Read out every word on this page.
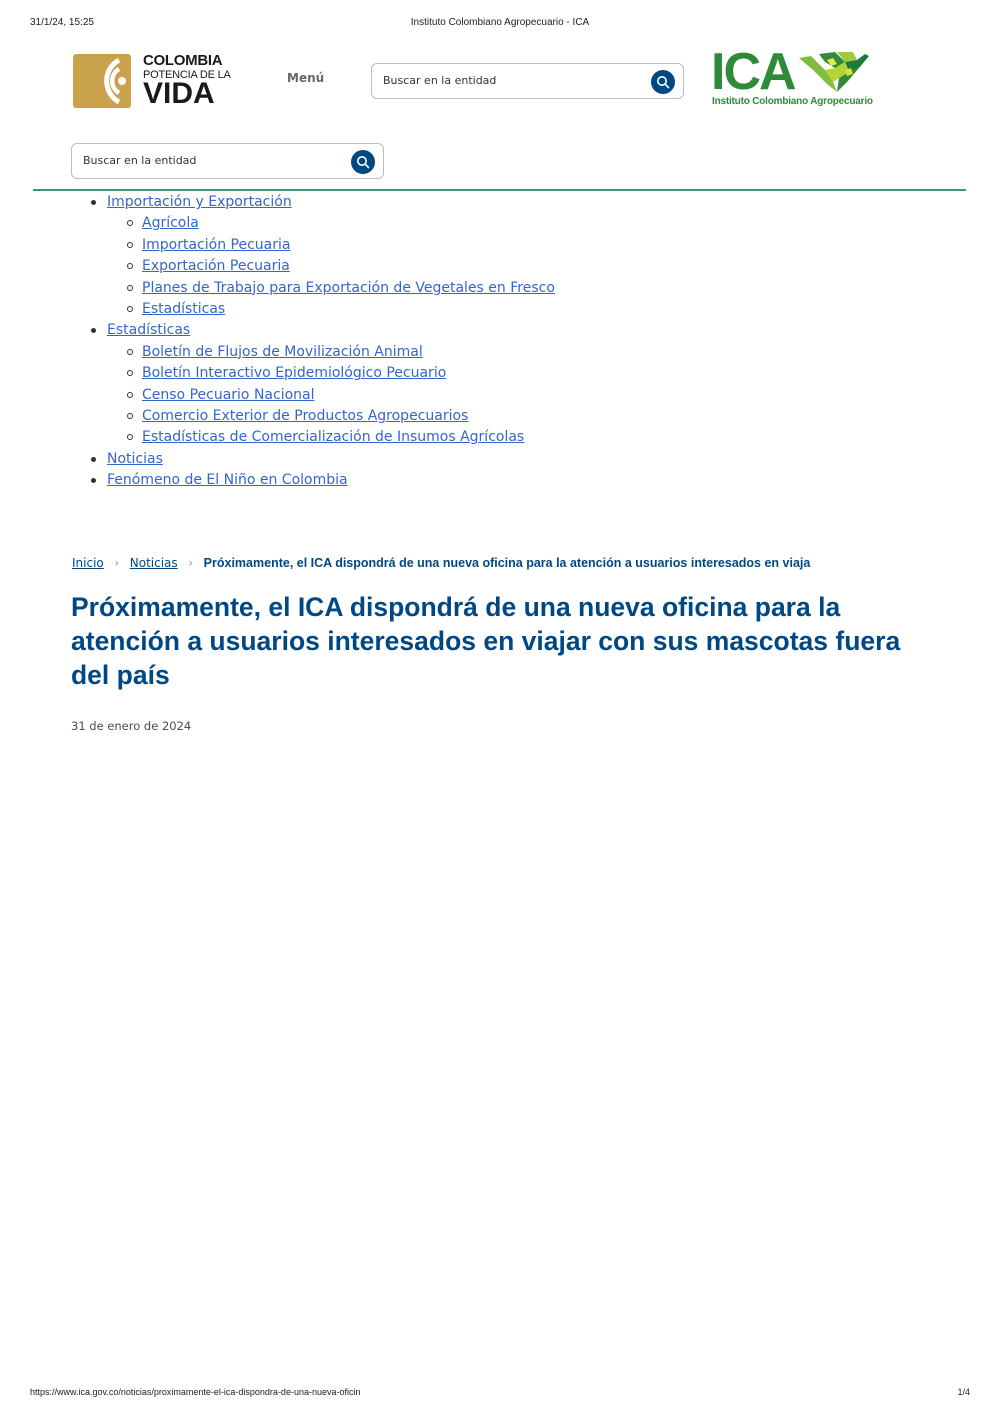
31/1/24, 15:25	Instituto Colombiano Agropecuario - ICA
COLOMBIA
POTENCIA DE LA
VIDA	Menú	Buscar en la entidad	ICA
Instituto Colombiano Agropecuario
Buscar en la entidad
Importación y Exportación
Agrícola
Importación Pecuaria
Exportación Pecuaria
Planes de Trabajo para Exportación de Vegetales en Fresco
Estadísticas
Estadísticas
Boletín de Flujos de Movilización Animal
Boletín Interactivo Epidemiológico Pecuario
Censo Pecuario Nacional
Comercio Exterior de Productos Agropecuarios
Estadísticas de Comercialización de Insumos Agrícolas
Noticias
Fenómeno de El Niño en Colombia
Inicio › Noticias › Próximamente, el ICA dispondrá de una nueva oficina para la atención a usuarios interesados en viaja
Próximamente, el ICA dispondrá de una nueva oficina para la atención a usuarios interesados en viajar con sus mascotas fuera del país
31 de enero de 2024
https://www.ica.gov.co/noticias/proximamente-el-ica-dispondra-de-una-nueva-oficin	1/4
